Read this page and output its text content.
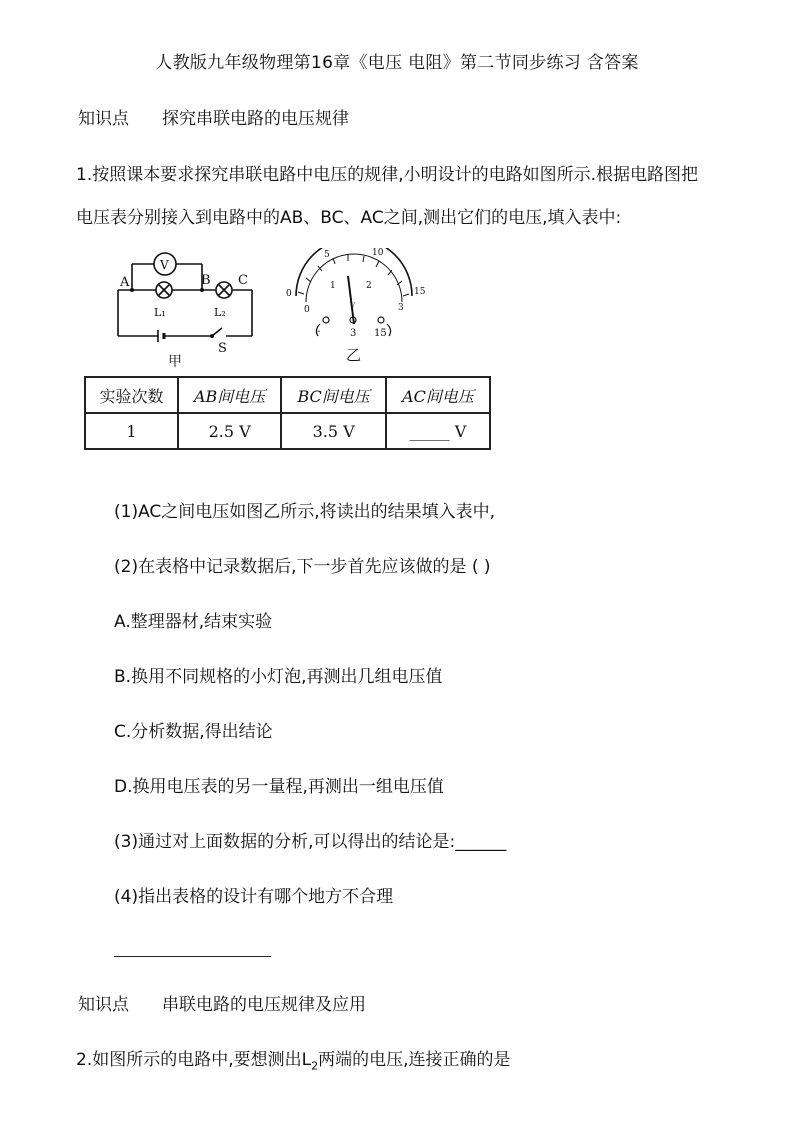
人教版九年级物理第16章《电压 电阻》第二节同步练习 含答案
知识点 探究串联电路的电压规律
1.按照课本要求探究串联电路中电压的规律,小明设计的电路如图所示.根据电路图把
电压表分别接入到电路中的AB、BC、AC之间,测出它们的电压,填入表中:
V
A	B C
L₁	L₂
S
甲
5	10
0	15
0
1	2
3
V
-	3 15
乙
实验次数	AB间电压	BC间电压	AC间电压
1	2.5 V	3.5 V	_____ V
(1)AC之间电压如图乙所示,将读出的结果填入表中,
(2)在表格中记录数据后,下一步首先应该做的是 ( )
A.整理器材,结束实验
B.换用不同规格的小灯泡,再测出几组电压值
C.分析数据,得出结论
D.换用电压表的另一量程,再测出一组电压值
(3)通过对上面数据的分析,可以得出的结论是:______
(4)指出表格的设计有哪个地方不合理
知识点 串联电路的电压规律及应用
2.如图所示的电路中,要想测出$L_2$两端的电压,连接正确的是
